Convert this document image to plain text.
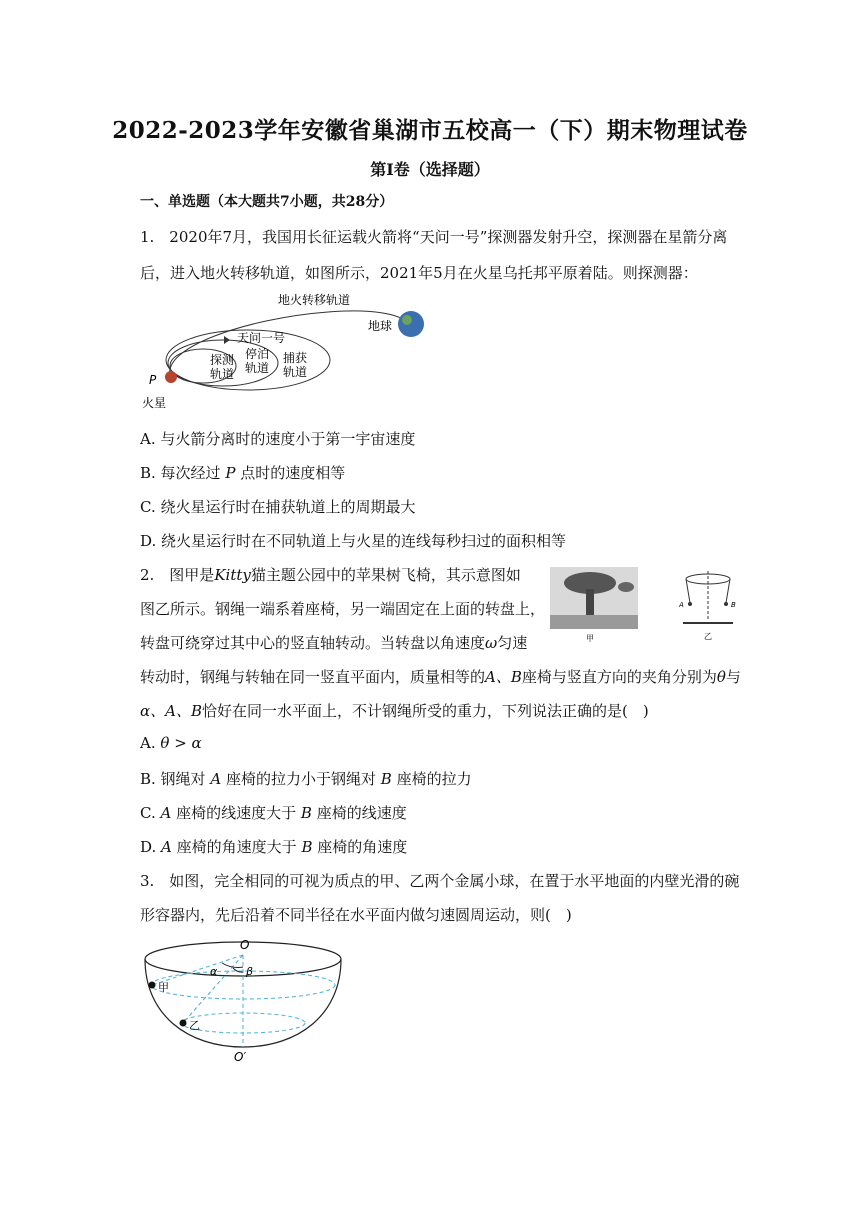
2022-2023学年安徽省巢湖市五校高一（下）期末物理试卷
第Ⅰ卷（选择题）
一、单选题（本大题共7小题，共28分）
1.　2020年7月，我国用长征运载火箭将“天问一号”探测器发射升空，探测器在星箭分离
后，进入地火转移轨道，如图所示，2021年5月在火星乌托邦平原着陆。则探测器：
地火转移轨道
地球
天问一号
探测
轨道
停泊
轨道
捕获
轨道
P
火星
A. 与火箭分离时的速度小于第一宇宙速度
B. 每次经过 P 点时的速度相等
C. 绕火星运行时在捕获轨道上的周期最大
D. 绕火星运行时在不同轨道上与火星的连线每秒扫过的面积相等
2.　图甲是Kitty猫主题公园中的苹果树飞椅，其示意图如
图乙所示。钢绳一端系着座椅，另一端固定在上面的转盘上，
转盘可绕穿过其中心的竖直轴转动。当转盘以角速度ω匀速	甲
A	B
乙
转动时，钢绳与转轴在同一竖直平面内，质量相等的A、B座椅与竖直方向的夹角分别为θ与
α、A、B恰好在同一水平面上，不计钢绳所受的重力，下列说法正确的是(　)
A. θ > α
B. 钢绳对 A 座椅的拉力小于钢绳对 B 座椅的拉力
C. A 座椅的线速度大于 B 座椅的线速度
D. A 座椅的角速度大于 B 座椅的角速度
3.　如图，完全相同的可视为质点的甲、乙两个金属小球，在置于水平地面的内壁光滑的碗
形容器内，先后沿着不同半径在水平面内做匀速圆周运动，则(　)
O
α	β
甲
乙
O′
